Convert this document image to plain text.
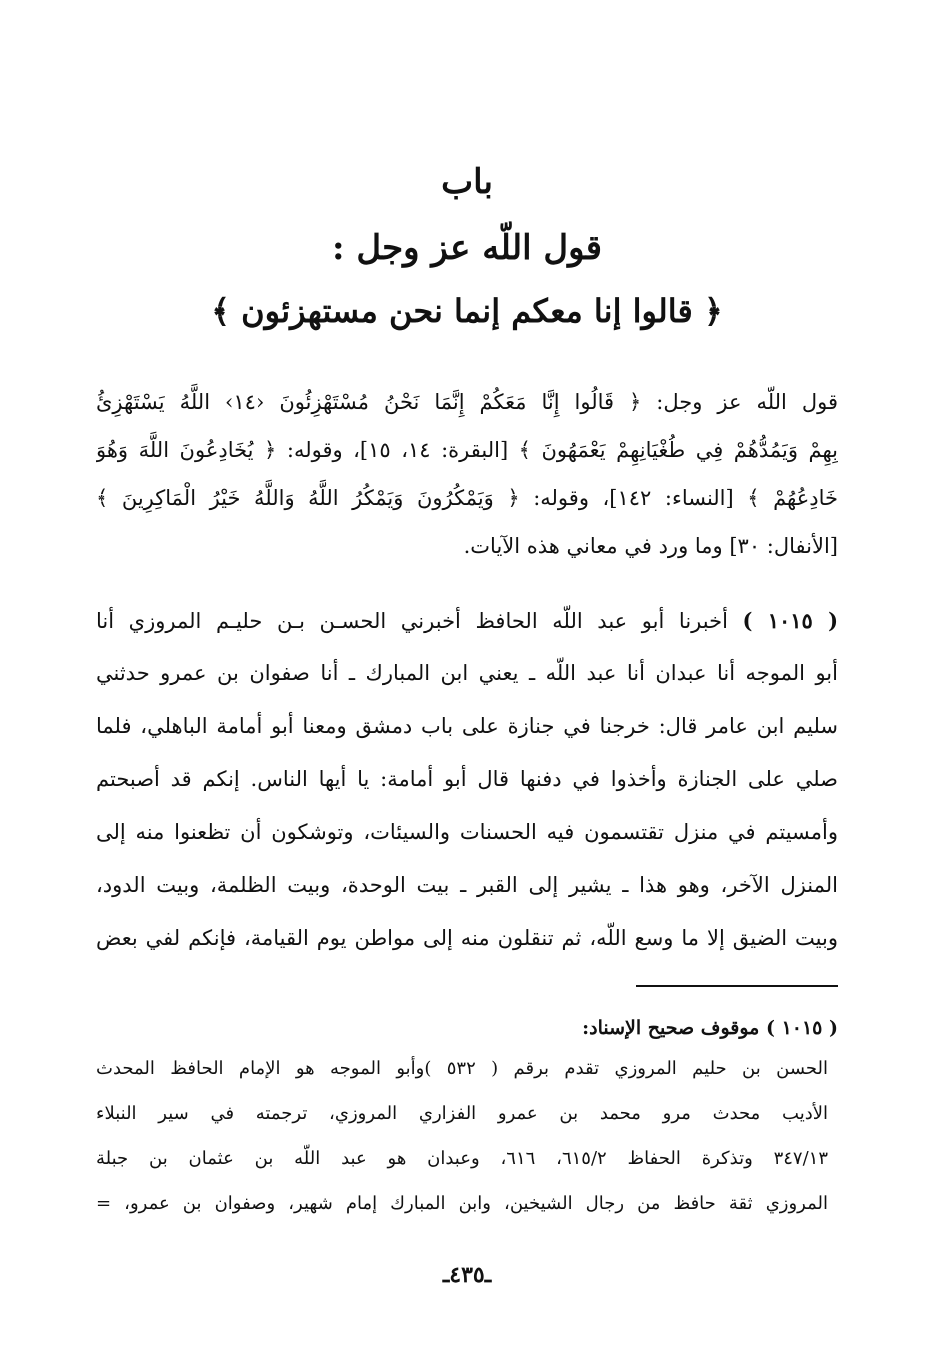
باب
قول اللّه عز وجل :
﴿ قالوا إنا معكم إنما نحن مستهزئون ﴾
قول اللّه عز وجل: ﴿ قَالُوا إِنَّا مَعَكُمْ إِنَّمَا نَحْنُ مُسْتَهْزِئُونَ ‹١٤› اللَّهُ يَسْتَهْزِئُ
بِهِمْ وَيَمُدُّهُمْ فِي طُغْيَانِهِمْ يَعْمَهُونَ ﴾ [البقرة: ١٤، ١٥]، وقوله: ﴿ يُخَادِعُونَ اللَّهَ وَهُوَ
خَادِعُهُمْ ﴾ [النساء: ١٤٢]، وقوله: ﴿ وَيَمْكُرُونَ وَيَمْكُرُ اللَّهُ وَاللَّهُ خَيْرُ الْمَاكِرِينَ ﴾
[الأنفال: ٣٠] وما ورد في معاني هذه الآيات.
( ١٠١٥ ) أخبرنا أبو عبد اللّه الحافظ أخبرني الحسـن بـن حليـم المروزي أنا
أبو الموجه أنا عبدان أنا عبد اللّه ـ يعني ابن المبارك ـ أنا صفوان بن عمرو حدثني
سليم ابن عامر قال: خرجنا في جنازة على باب دمشق ومعنا أبو أمامة الباهلي، فلما
صلي على الجنازة وأخذوا في دفنها قال أبو أمامة: يا أيها الناس. إنكم قد أصبحتم
وأمسيتم في منزل تقتسمون فيه الحسنات والسيئات، وتوشكون أن تظعنوا منه إلى
المنزل الآخر، وهو هذا ـ يشير إلى القبر ـ بيت الوحدة، وبيت الظلمة، وبيت الدود،
وبيت الضيق إلا ما وسع اللّه، ثم تنقلون منه إلى مواطن يوم القيامة، فإنكم لفي بعض
( ١٠١٥ ) موقوف صحيح الإسناد:
الحسن بن حليم المروزي تقدم برقم ( ٥٣٢ )وأبو الموجه هو الإمام الحافظ المحدث
الأديب محدث مرو محمد بن عمرو الفزاري المروزي، ترجمته في سير النبلاء
٣٤٧/١٣ وتذكرة الحفاظ ٦١٥/٢، ٦١٦، وعبدان هو عبد اللّه بن عثمان بن جبلة
المروزي ثقة حافظ من رجال الشيخين، وابن المبارك إمام شهير، وصفوان بن عمرو، =
ـ٤٣٥ـ
